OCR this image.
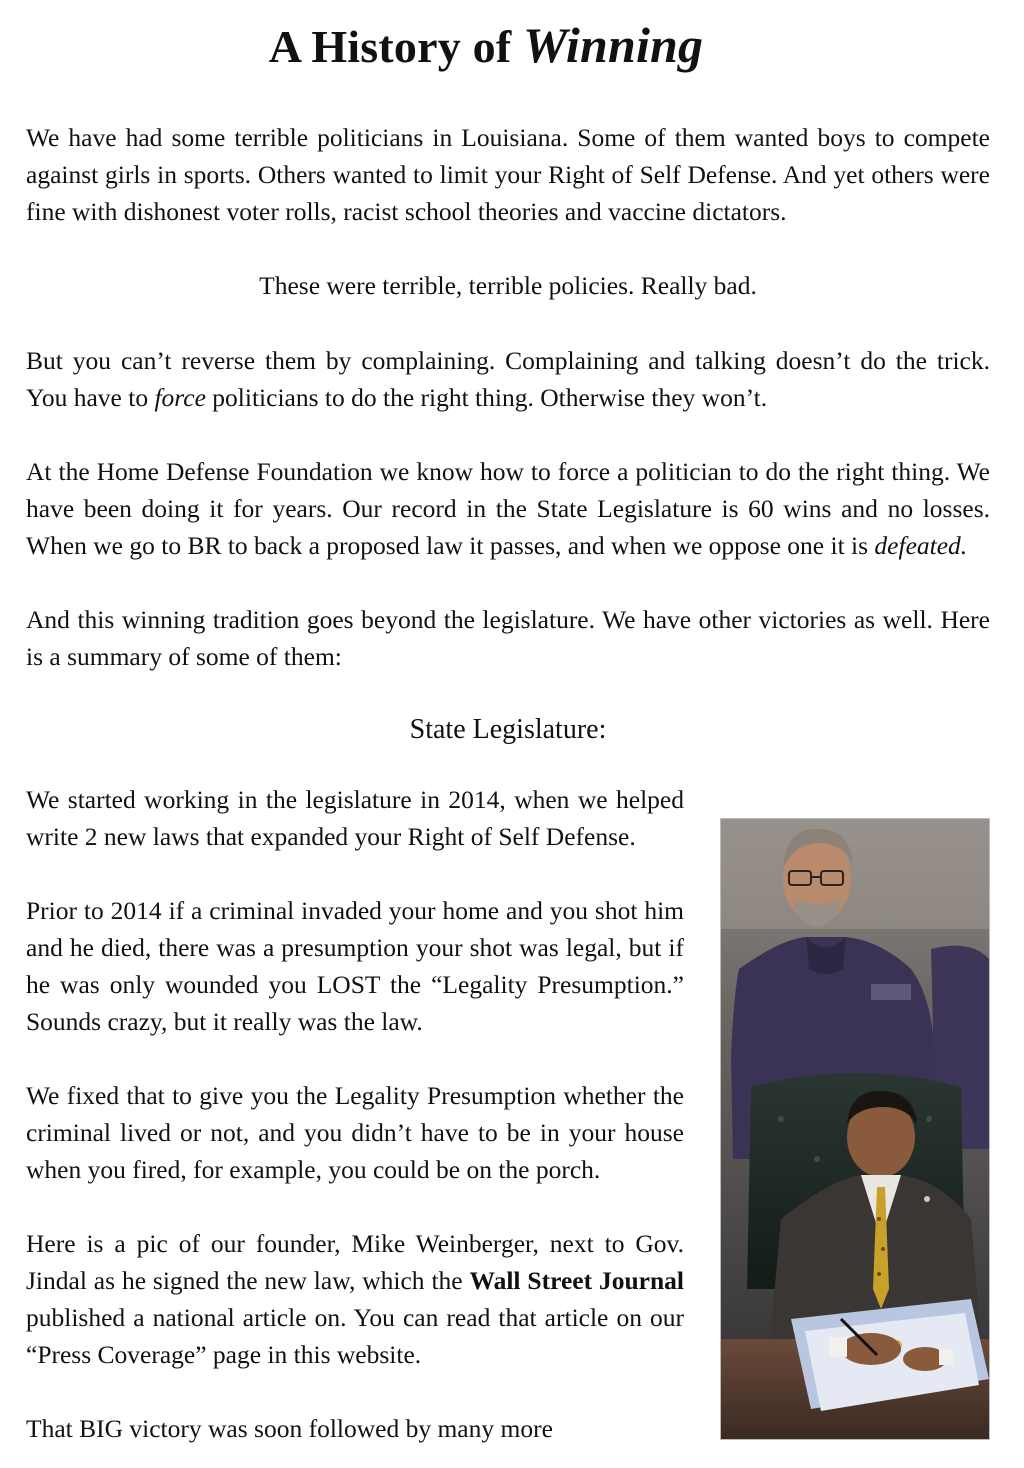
A History of Winning

We have had some terrible politicians in Louisiana. Some of them wanted boys to compete against girls in sports. Others wanted to limit your Right of Self Defense. And yet others were fine with dishonest voter rolls, racist school theories and vaccine dictators.

These were terrible, terrible policies. Really bad.

But you can’t reverse them by complaining. Complaining and talking doesn’t do the trick. You have to force politicians to do the right thing. Otherwise they won’t.

At the Home Defense Foundation we know how to force a politician to do the right thing. We have been doing it for years. Our record in the State Legislature is 60 wins and no losses. When we go to BR to back a proposed law it passes, and when we oppose one it is defeated.

And this winning tradition goes beyond the legislature. We have other victories as well. Here is a summary of some of them:

State Legislature:

We started working in the legislature in 2014, when we helped write 2 new laws that expanded your Right of Self Defense.

Prior to 2014 if a criminal invaded your home and you shot him and he died, there was a presumption your shot was legal, but if he was only wounded you LOST the “Legality Presumption.” Sounds crazy, but it really was the law.

We fixed that to give you the Legality Presumption whether the criminal lived or not, and you didn’t have to be in your house when you fired, for example, you could be on the porch.

Here is a pic of our founder, Mike Weinberger, next to Gov. Jindal as he signed the new law, which the Wall Street Journal published a national article on. You can read that article on our “Press Coverage” page in this website.

That BIG victory was soon followed by many more
